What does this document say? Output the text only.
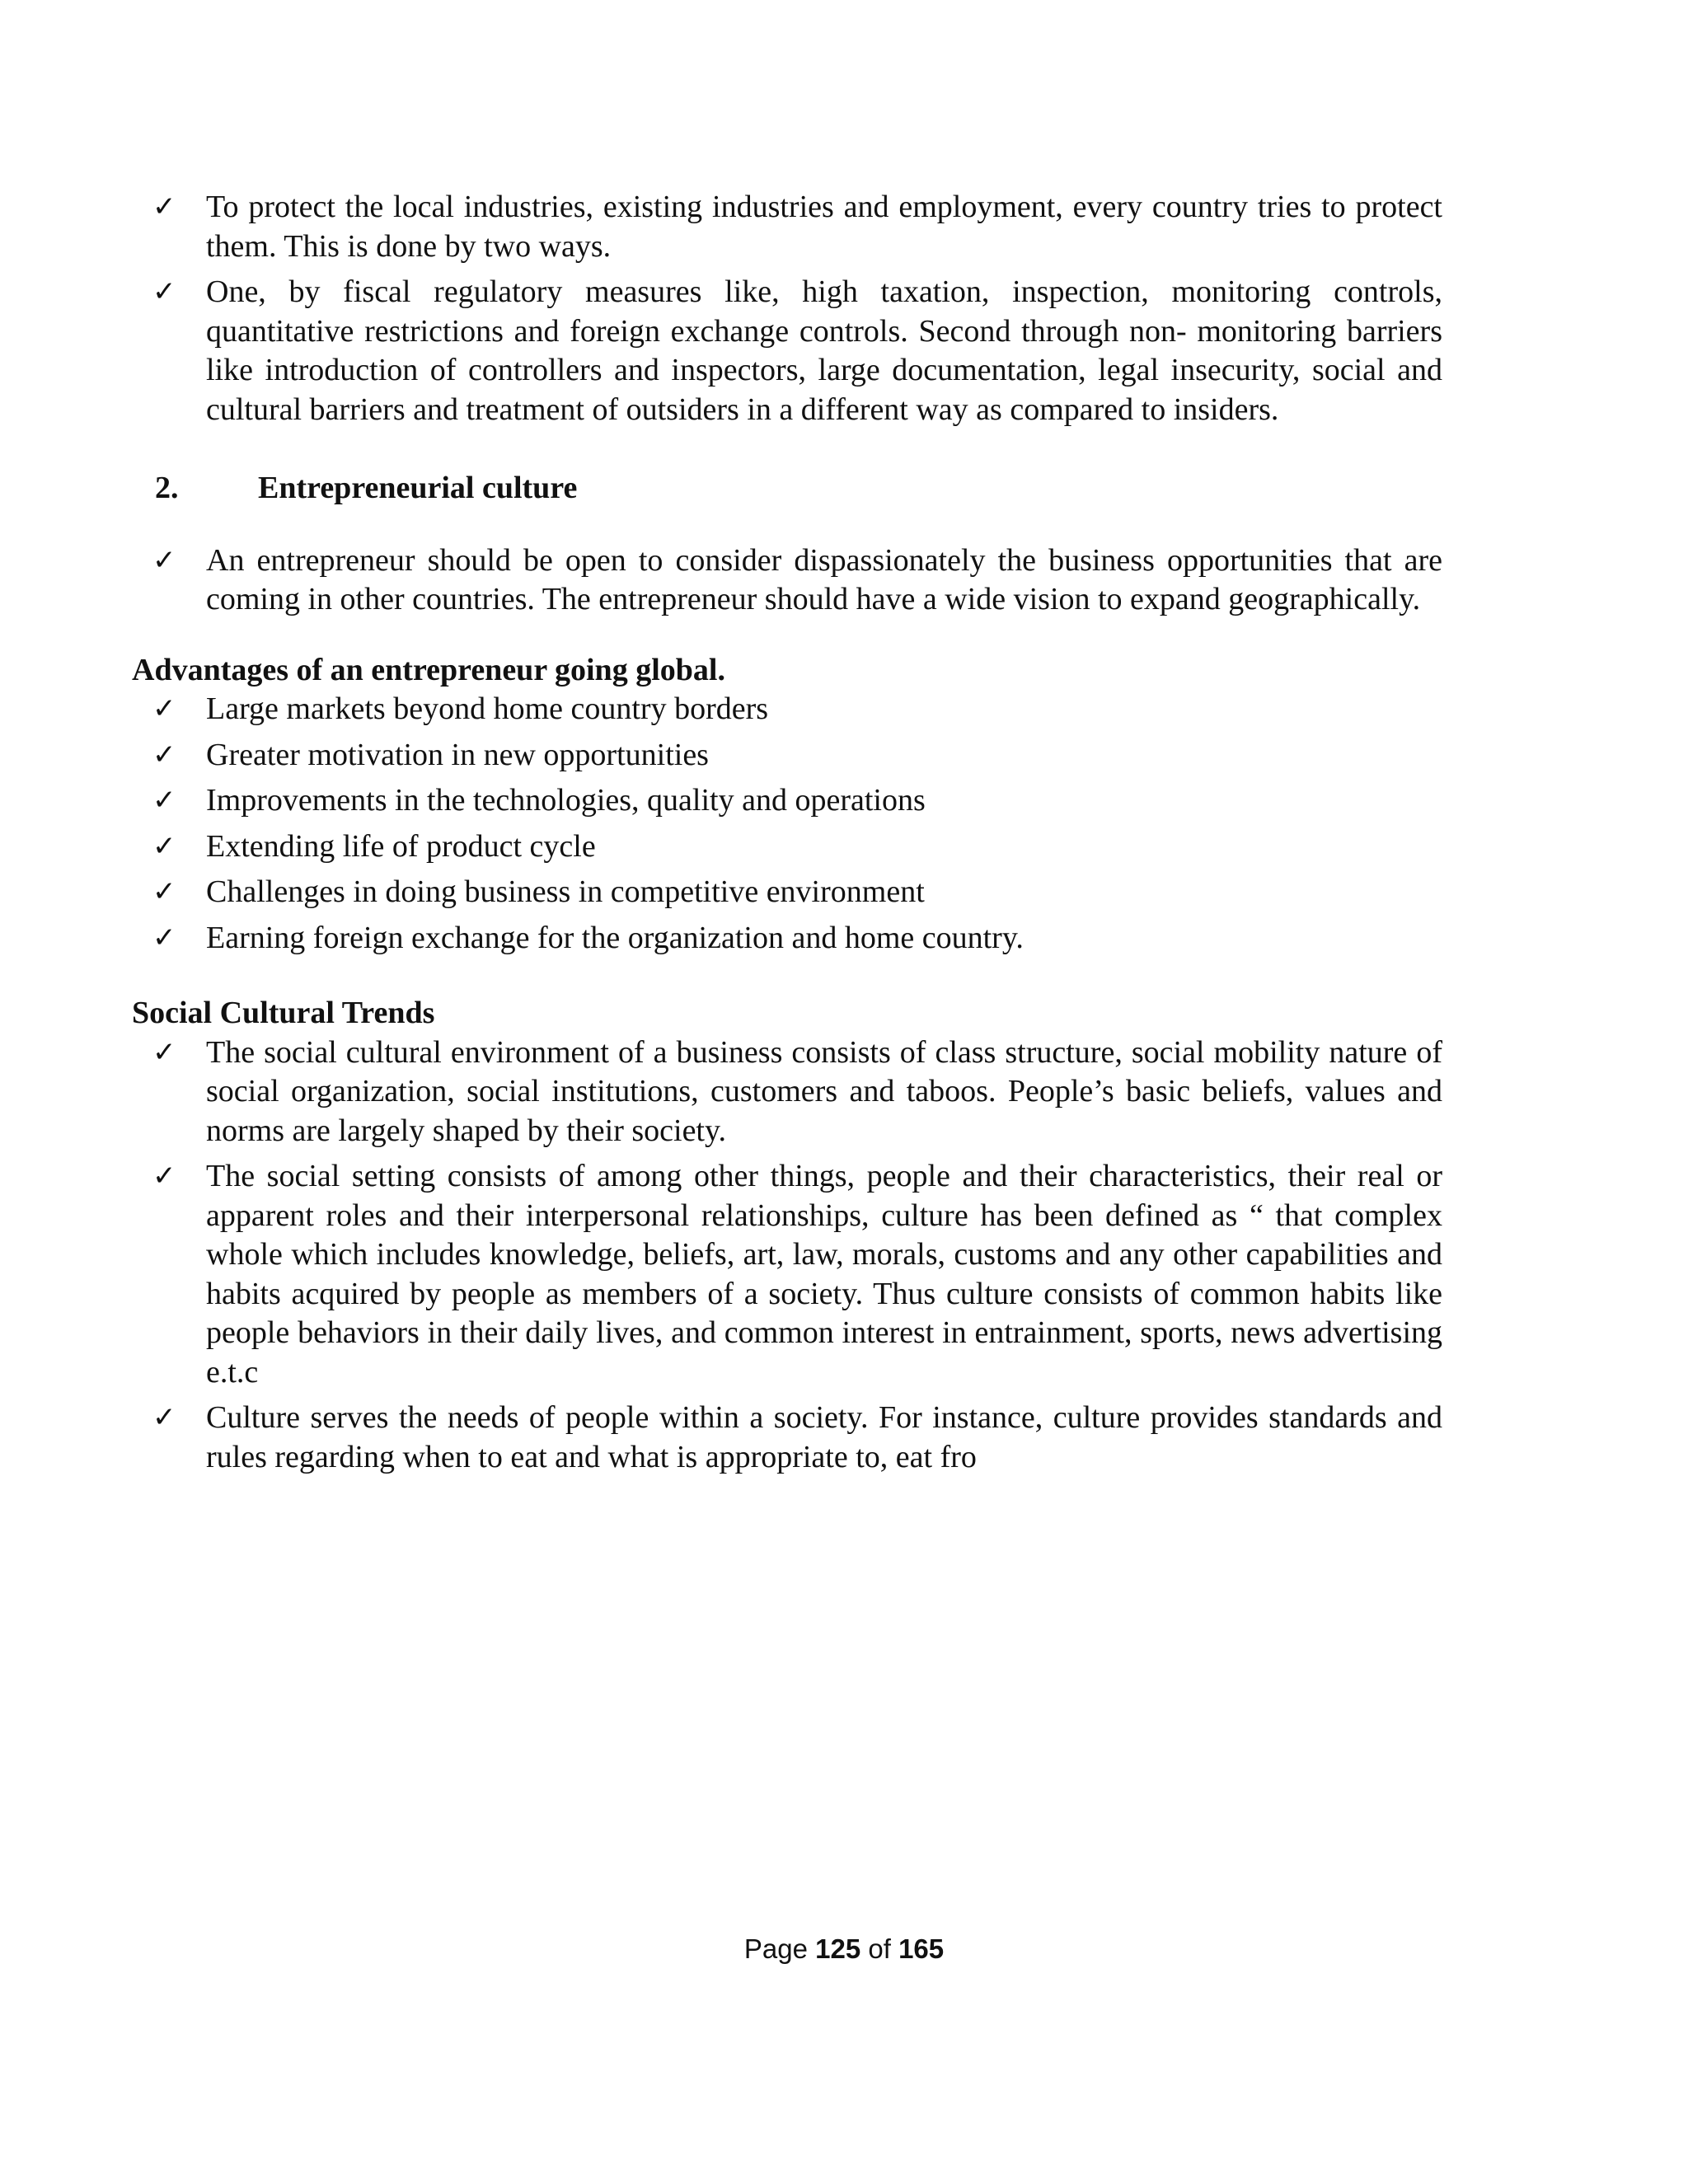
✓ To protect the local industries, existing industries and employment, every country tries to protect them. This is done by two ways.
✓ One, by fiscal regulatory measures like, high taxation, inspection, monitoring controls, quantitative restrictions and foreign exchange controls. Second through non- monitoring barriers like introduction of controllers and inspectors, large documentation, legal insecurity, social and cultural barriers and treatment of outsiders in a different way as compared to insiders.
2.	Entrepreneurial culture
✓ An entrepreneur should be open to consider dispassionately the business opportunities that are coming in other countries. The entrepreneur should have a wide vision to expand geographically.
Advantages of an entrepreneur going global.
✓ Large markets beyond home country borders
✓ Greater motivation in new opportunities
✓ Improvements in the technologies, quality and operations
✓ Extending life of product cycle
✓ Challenges in doing business in competitive environment
✓ Earning foreign exchange for the organization and home country.
Social Cultural Trends
✓ The social cultural environment of a business consists of class structure, social mobility nature of social organization, social institutions, customers and taboos. People’s basic beliefs, values and norms are largely shaped by their society.
✓ The social setting consists of among other things, people and their characteristics, their real or apparent roles and their interpersonal relationships, culture has been defined as “ that complex whole which includes knowledge, beliefs, art, law, morals, customs and any other capabilities and habits acquired by people as members of a society. Thus culture consists of common habits like people behaviors in their daily lives, and common interest in entrainment, sports, news advertising e.t.c
✓ Culture serves the needs of people within a society. For instance, culture provides standards and rules regarding when to eat and what is appropriate to, eat fro
Page 125 of 165
